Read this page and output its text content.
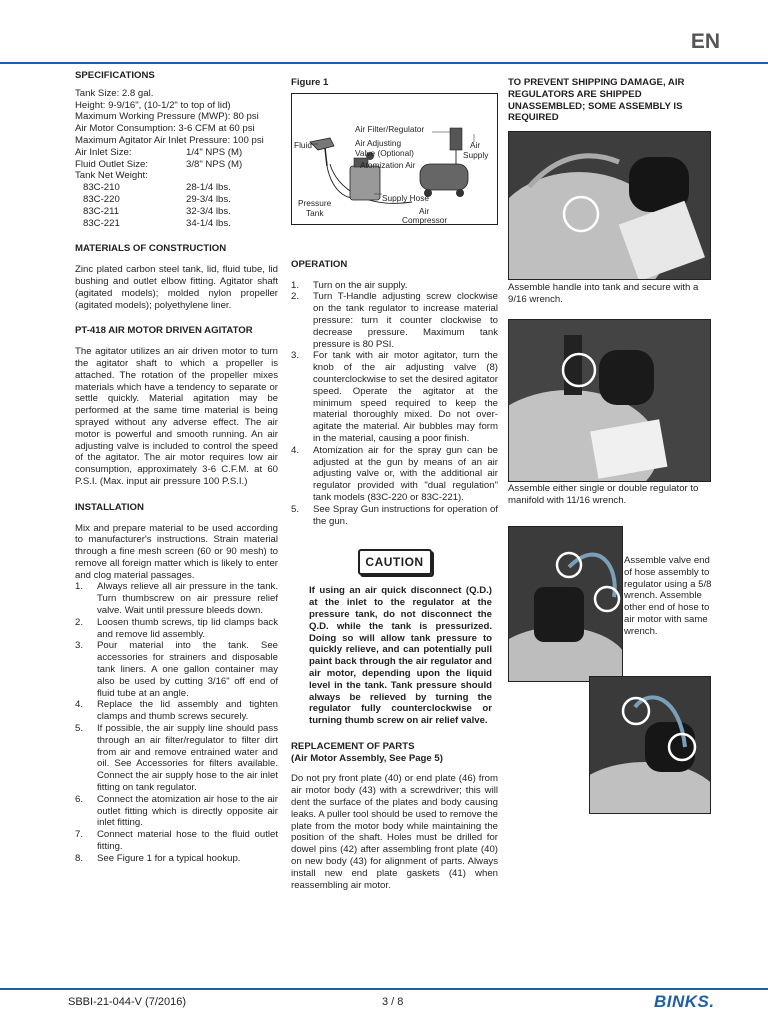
EN
SPECIFICATIONS
Tank Size: 2.8 gal.
Height: 9-9/16", (10-1/2" to top of lid)
Maximum Working Pressure (MWP): 80 psi
Air Motor Consumption: 3-6 CFM at 60 psi
Maximum Agitator Air Inlet Pressure: 100 psi
Air Inlet Size:	1/4" NPS (M)
Fluid Outlet Size:	3/8" NPS (M)
Tank Net Weight:
83C-210	28-1/4 lbs.
83C-220	29-3/4 lbs.
83C-211	32-3/4 lbs.
83C-221	34-1/4 lbs.
MATERIALS OF CONSTRUCTION

Zinc plated carbon steel tank, lid, fluid tube, lid bushing and outlet elbow fitting. Agitator shaft (agitated models); molded nylon propeller (agitated models); polyethylene liner.

PT-418 AIR MOTOR DRIVEN AGITATOR

The agitator utilizes an air driven motor to turn the agitator shaft to which a propeller is attached. The rotation of the propeller mixes materials which have a tendency to separate or settle quickly. Material agitation may be performed at the same time material is being sprayed without any adverse effect. The air motor is powerful and smooth running. An air adjusting valve is included to control the speed of the agitator. The air motor requires low air consumption, approximately 3-6 C.F.M. at 60 P.S.I. (Max. input air pressure 100 P.S.I.)

INSTALLATION

Mix and prepare material to be used according to manufacturer's instructions. Strain material through a fine mesh screen (60 or 90 mesh) to remove all foreign matter which is likely to enter and clog material passages.

1. Always relieve all air pressure in the tank. Turn thumbscrew on air pressure relief valve. Wait until pressure bleeds down.
2. Loosen thumb screws, tip lid clamps back and remove lid assembly.
3. Pour material into the tank. See accessories for strainers and disposable tank liners. A one gallon container may also be used by cutting 3/16" off end of fluid tube at an angle.
4. Replace the lid assembly and tighten clamps and thumb screws securely.
5. If possible, the air supply line should pass through an air filter/regulator to filter dirt from air and remove entrained water and oil. See Accessories for filters available. Connect the air supply hose to the air inlet fitting on tank regulator.
6. Connect the atomization air hose to the air outlet fitting which is directly opposite air inlet fitting.
7. Connect material hose to the fluid outlet fitting.
8. See Figure 1 for a typical hookup.
Figure 1
Air Filter/Regulator
Fluid	Air Adjusting
Valve (Optional)
Atomization Air
Air
Supply
Pressure
Tank
Supply Hose
Air
Compressor
OPERATION
1. Turn on the air supply.
2. Turn T-Handle adjusting screw clockwise on the tank regulator to increase material pressure: turn it counter clockwise to decrease pressure. Maximum tank pressure is 80 PSI.
3. For tank with air motor agitator, turn the knob of the air adjusting valve (8) counterclockwise to set the desired agitator speed. Operate the agitator at the minimum speed required to keep the material thoroughly mixed. Do not over-agitate the material. Air bubbles may form in the material, causing a poor finish.
4. Atomization air for the spray gun can be adjusted at the gun by means of an air adjusting valve or, with the additional air regulator provided with "dual regulation" tank models (83C-220 or 83C-221).
5. See Spray Gun instructions for operation of the gun.
CAUTION

If using an air quick disconnect (Q.D.) at the inlet to the regulator at the pressure tank, do not disconnect the Q.D. while the tank is pressurized. Doing so will allow tank pressure to quickly relieve, and can potentially pull paint back through the air regulator and air motor, depending upon the liquid level in the tank. Tank pressure should always be relieved by turning the regulator fully counterclockwise or turning thumb screw on air relief valve.

REPLACEMENT OF PARTS
(Air Motor Assembly, See Page 5)

Do not pry front plate (40) or end plate (46) from air motor body (43) with a screwdriver; this will dent the surface of the plates and body causing leaks. A puller tool should be used to remove the plate from the motor body while maintaining the position of the shaft. Holes must be drilled for dowel pins (42) after assembling front plate (40) on new body (43) for alignment of parts. Always install new end plate gaskets (41) when reassembling air motor.

TO PREVENT SHIPPING DAMAGE, AIR REGULATORS ARE SHIPPED UNASSEMBLED; SOME ASSEMBLY IS REQUIRED
Assemble handle into tank and secure with a 9/16 wrench.
Assemble either single or double regulator to manifold with 11/16 wrench.
Assemble valve end of hose assembly to regulator using a 5/8 wrench. Assemble other end of hose to air motor with same wrench.
SBBI-21-044-V (7/2016)	3 / 8	BINKS.
